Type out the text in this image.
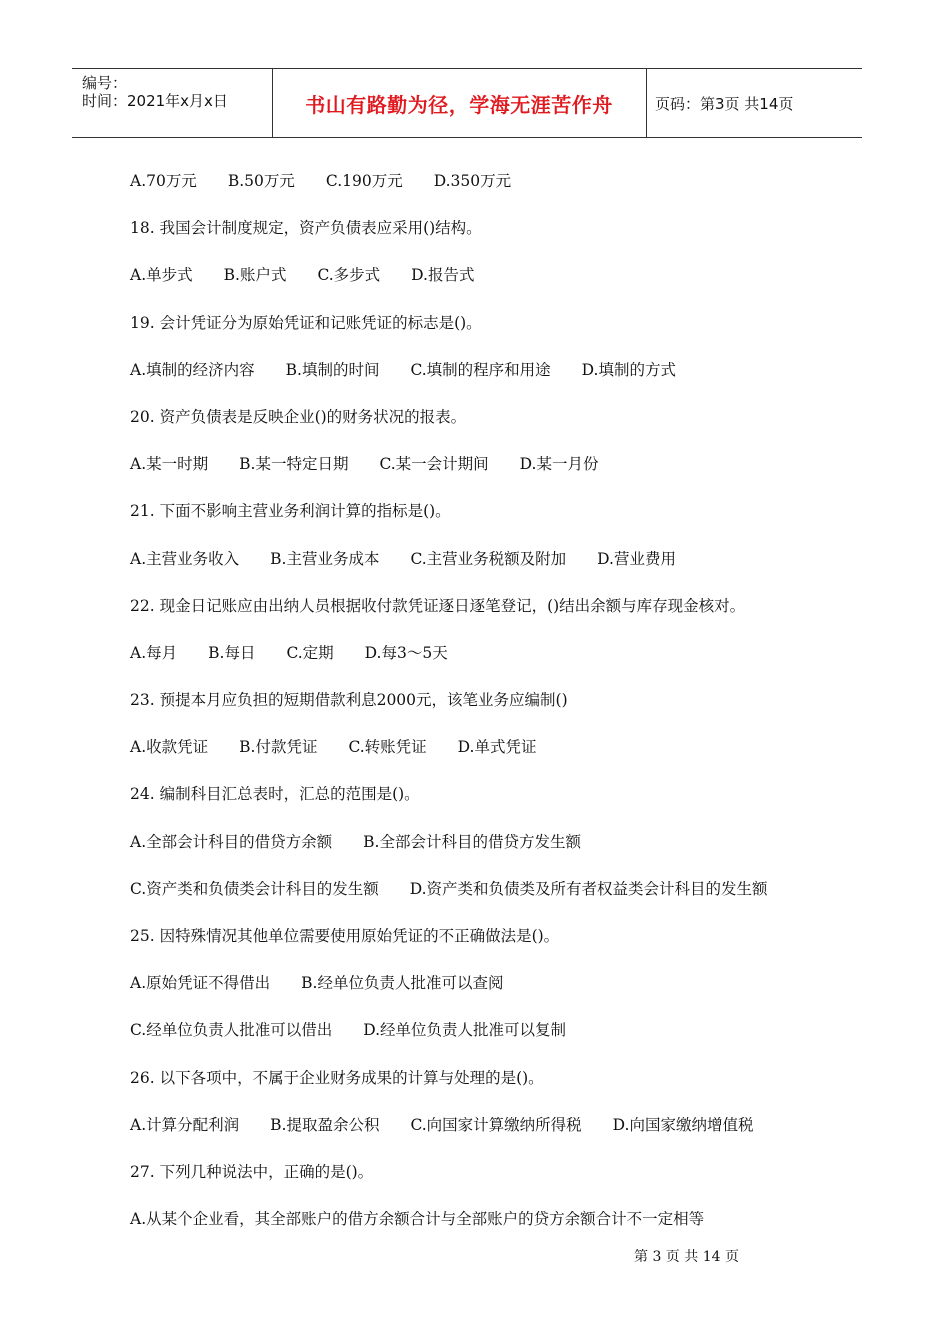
编号：
时间：2021年x月x日	书山有路勤为径，学海无涯苦作舟	页码：第3页 共14页
A.70万元　　B.50万元　　C.190万元　　D.350万元
18. 我国会计制度规定，资产负债表应采用()结构。
A.单步式　　B.账户式　　C.多步式　　D.报告式
19. 会计凭证分为原始凭证和记账凭证的标志是()。
A.填制的经济内容　　B.填制的时间　　C.填制的程序和用途　　D.填制的方式
20. 资产负债表是反映企业()的财务状况的报表。
A.某一时期　　B.某一特定日期　　C.某一会计期间　　D.某一月份
21. 下面不影响主营业务利润计算的指标是()。
A.主营业务收入　　B.主营业务成本　　C.主营业务税额及附加　　D.营业费用
22. 现金日记账应由出纳人员根据收付款凭证逐日逐笔登记，()结出余额与库存现金核对。
A.每月　　B.每日　　C.定期　　D.每3～5天
23. 预提本月应负担的短期借款利息2000元，该笔业务应编制()
A.收款凭证　　B.付款凭证　　C.转账凭证　　D.单式凭证
24. 编制科目汇总表时，汇总的范围是()。
A.全部会计科目的借贷方余额　　B.全部会计科目的借贷方发生额
C.资产类和负债类会计科目的发生额　　D.资产类和负债类及所有者权益类会计科目的发生额
25. 因特殊情况其他单位需要使用原始凭证的不正确做法是()。
A.原始凭证不得借出　　B.经单位负责人批准可以查阅
C.经单位负责人批准可以借出　　D.经单位负责人批准可以复制
26. 以下各项中，不属于企业财务成果的计算与处理的是()。
A.计算分配利润　　B.提取盈余公积　　C.向国家计算缴纳所得税　　D.向国家缴纳增值税
27. 下列几种说法中，正确的是()。
A.从某个企业看，其全部账户的借方余额合计与全部账户的贷方余额合计不一定相等
第 3 页 共 14 页
